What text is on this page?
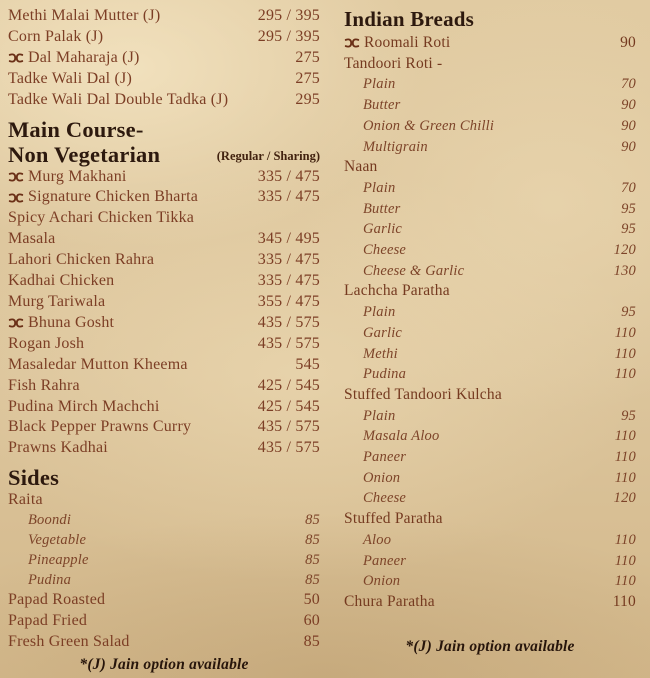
Methi Malai Mutter (J)	295 / 395
Corn Palak (J)	295 / 395
Dal Maharaja (J)	275
Tadke Wali Dal (J)	275
Tadke Wali Dal Double Tadka (J)	295
Main Course-
Non Vegetarian	(Regular / Sharing)
Murg Makhani	335 / 475
Signature Chicken Bharta	335 / 475
Spicy Achari Chicken Tikka
Masala	345 / 495
Lahori Chicken Rahra	335 / 475
Kadhai Chicken	335 / 475
Murg Tariwala	355 / 475
Bhuna Gosht	435 / 575
Rogan Josh	435 / 575
Masaledar Mutton Kheema	545
Fish Rahra	425 / 545
Pudina Mirch Machchi	425 / 545
Black Pepper Prawns Curry	435 / 575
Prawns Kadhai	435 / 575
Sides
Raita
Boondi	85
Vegetable	85
Pineapple	85
Pudina	85
Papad Roasted	50
Papad Fried	60
Fresh Green Salad	85
*(J) Jain option available
Indian Breads
Roomali Roti	90
Tandoori Roti -
Plain	70
Butter	90
Onion & Green Chilli	90
Multigrain	90
Naan
Plain	70
Butter	95
Garlic	95
Cheese	120
Cheese & Garlic	130
Lachcha Paratha
Plain	95
Garlic	110
Methi	110
Pudina	110
Stuffed Tandoori Kulcha
Plain	95
Masala Aloo	110
Paneer	110
Onion	110
Cheese	120
Stuffed Paratha
Aloo	110
Paneer	110
Onion	110
Chura Paratha	110
*(J) Jain option available
